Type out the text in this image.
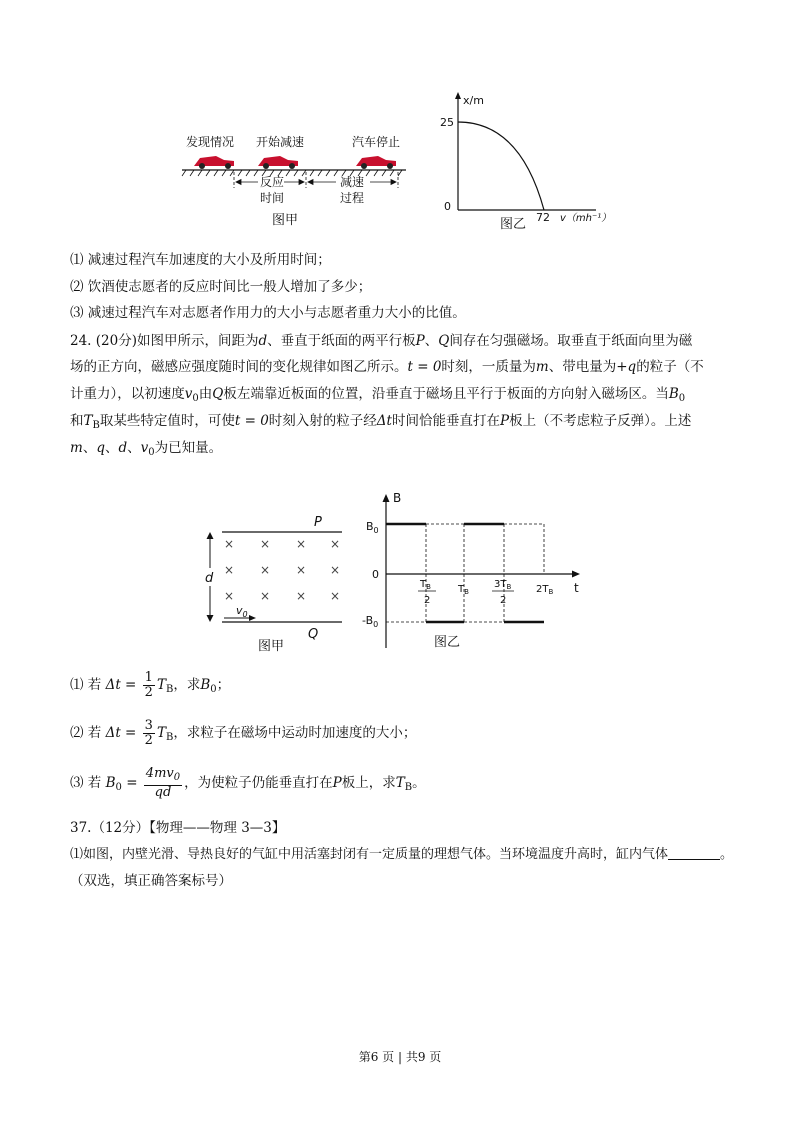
发现情况 开始减速	汽车停止
反应
时间
减速
过程
图甲
x/m
25
0
72 v（mh⁻¹）
图乙
⑴ 减速过程汽车加速度的大小及所用时间；
⑵ 饮酒使志愿者的反应时间比一般人增加了多少；
⑶ 减速过程汽车对志愿者作用力的大小与志愿者重力大小的比值。
24. (20分)如图甲所示，间距为d、垂直于纸面的两平行板P、Q间存在匀强磁场。取垂直于纸面向里为磁
场的正方向，磁感应强度随时间的变化规律如图乙所示。t = 0时刻，一质量为m、带电量为+q的粒子（不
计重力），以初速度$v_0$由Q板左端靠近板面的位置，沿垂直于磁场且平行于板面的方向射入磁场区。当$B_0$
和$T_B$取某些特定值时，可使t = 0时刻入射的粒子经Δt时间恰能垂直打在P板上（不考虑粒子反弹）。上述
m、q、d、$v_0$为已知量。
P
Q
d
× × × ×
× × × ×
× × × ×
$v_0$
图甲
B
t
$B_0$
0
$-B_0$
$T_B$
2
$T_B$
$3T_B$
2
$2T_B$
图乙
⑴ 若 $\Delta t = \frac{1}{2} T_B$，求$B_0$；
⑵ 若 $\Delta t = \frac{3}{2} T_B$，求粒子在磁场中运动时加速度的大小；
⑶ 若 $B_0 = \frac{4mv_0}{qd}$ ，为使粒子仍能垂直打在P板上，求$T_B$。
37.（12分）【物理——物理 3—3】
⑴如图，内壁光滑、导热良好的气缸中用活塞封闭有一定质量的理想气体。当环境温度升高时，缸内气体	。
（双选，填正确答案标号）
第6 页 | 共9 页
